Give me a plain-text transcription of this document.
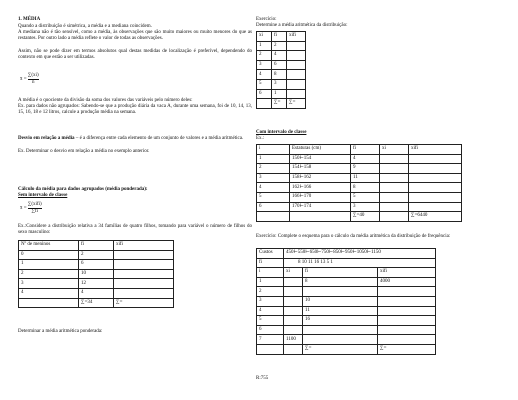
1. MÉDIA

Quando a distribuição é simétrica, a média e a mediana coincidem.

A mediana não é tão sensível, como a média, às observações que são muito maiores ou muito menores do que as restantes. Por outro lado a média reflete o valor de todas as observações.

Assim, não se pode dizer em termos absolutos qual destas medidas de localização é preferível, dependendo do contexto em que estão a ser utilizadas.

x̄ = $\frac{\sum(xi)}{n}$

A média é o quociente da divisão da soma dos valores das variáveis pelo número deles:

Ex. para dados não agrupados: Sabendo-se que a produção diária da vaca A, durante uma semana, foi de 10, 14, 13, 15, 16, 18 e 12 litros, calcule a produção média na semana.

Desvio em relação a média – é a diferença entre cada elemento de um conjunto de valores e a média aritmética.

Ex. Determinar o desvio em relação a média no exemplo anterior.

Cálculo da média para dados agrupados (média ponderada):

Sem intervalo de classe

x̄ = $\frac{\text{∑(xifi)}}{\sum fi}$

Ex.:Considere a distribuição relativa a 34 famílias de quatro filhos, tomando para variável o número de filhos do sexo masculino:

Nº de meninos	fi	xifi
0	2	
1	6	
2	10	
3	12	
4	4	
	∑=34	∑=

Determinar a média aritmética ponderada:

Exercício:

Determine a média aritmética da distribuição:

xi	fi	xifi
1	2	
2	4	
3	6	
4	8	
5	3	
6	1	
	∑=	∑=

Com intervalo de classe

Ex.:

i	Estaturas (cm)	fi	xi	xifi
1	150⊢154	4		
2	154⊢158	9		
3	158⊢162	11		
4	162⊢166	8		
5	166⊢170	5		
6	170⊢174	3		
		∑=40		∑=6440

Exercício: Complete o esquema para o cálculo da média aritmética da distribuição de frequência:

Custos	450⊢550⊢650⊢750⊢850⊢950⊢1050⊢1150		
fi	8 10 11 16 13 5 1		
i	xi	fi	xifi
1		8	4000
2			
3		10	
4		11	
5		16	
6			
7	1100		
		∑=	∑=

R:755
